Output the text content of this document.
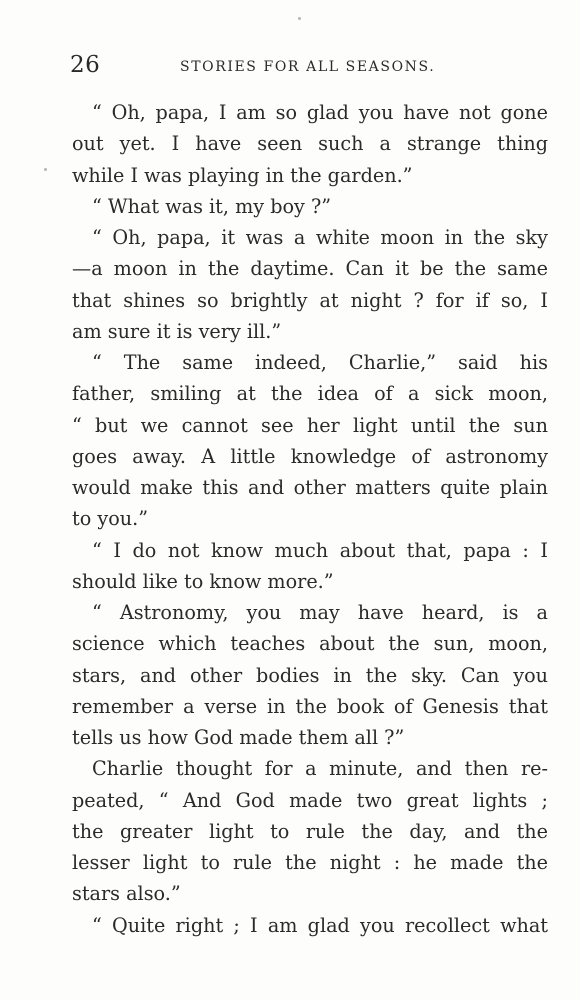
26	STORIES FOR ALL SEASONS.
“ Oh, papa, I am so glad you have not gone
out yet. I have seen such a strange thing
while I was playing in the garden.”
“ What was it, my boy ?”
“ Oh, papa, it was a white moon in the sky
—a moon in the daytime. Can it be the same
that shines so brightly at night ? for if so, I
am sure it is very ill.”
“ The same indeed, Charlie,” said his
father, smiling at the idea of a sick moon,
“ but we cannot see her light until the sun
goes away. A little knowledge of astronomy
would make this and other matters quite plain
to you.”
“ I do not know much about that, papa : I
should like to know more.”
“ Astronomy, you may have heard, is a
science which teaches about the sun, moon,
stars, and other bodies in the sky. Can you
remember a verse in the book of Genesis that
tells us how God made them all ?”
Charlie thought for a minute, and then re-
peated, “ And God made two great lights ;
the greater light to rule the day, and the
lesser light to rule the night : he made the
stars also.”
“ Quite right ; I am glad you recollect what
